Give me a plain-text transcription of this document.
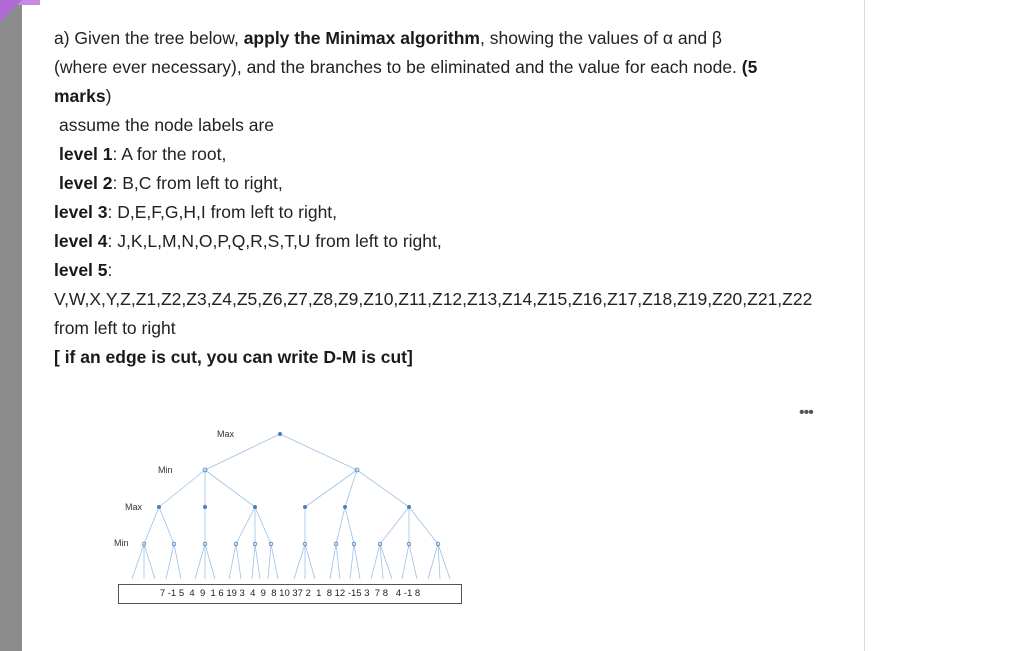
a) Given the tree below, apply the Minimax algorithm, showing the values of α and β

(where ever necessary), and the branches to be eliminated and the value for each node. (5

marks)

assume the node labels are

level 1: A for the root,

level 2: B,C from left to right,

level 3: D,E,F,G,H,I from left to right,

level 4: J,K,L,M,N,O,P,Q,R,S,T,U from left to right,

level 5:

V,W,X,Y,Z,Z1,Z2,Z3,Z4,Z5,Z6,Z7,Z8,Z9,Z10,Z11,Z12,Z13,Z14,Z15,Z16,Z17,Z18,Z19,Z20,Z21,Z22

from left to right

[ if an edge is cut, you can write D-M is cut]

•••
Max
Min
Max
Min
7 -1 5  4  9  1 6 19 3  4  9  8 10 37 2  1  8 12 -15 3  7 8   4 -1 8
